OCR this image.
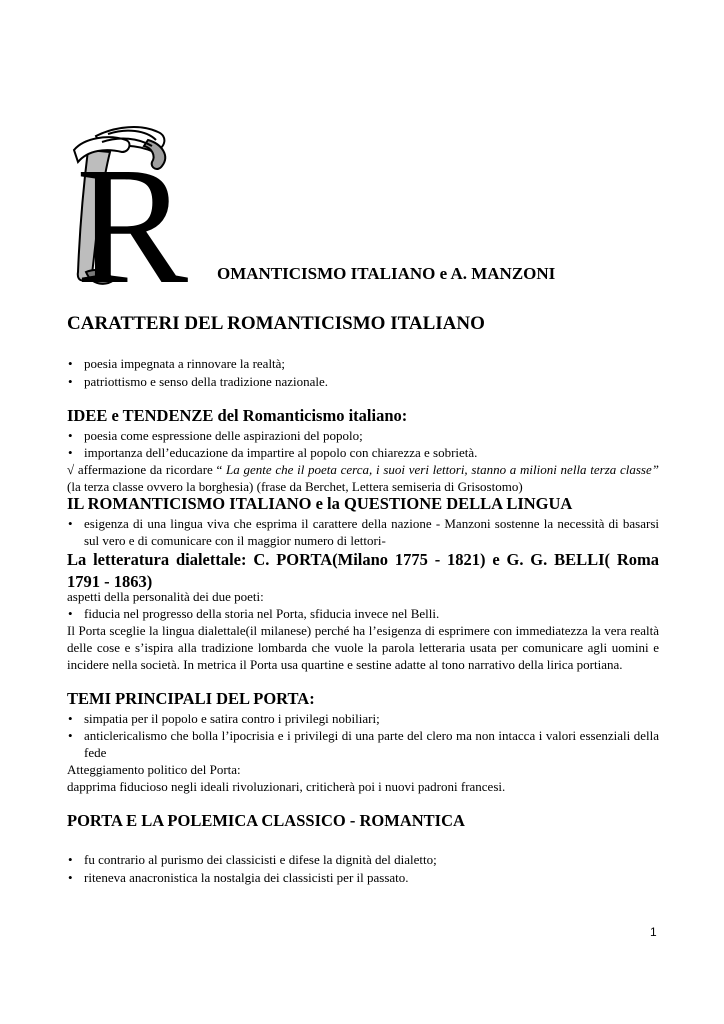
R OMANTICISMO ITALIANO e A. MANZONI
CARATTERI DEL ROMANTICISMO ITALIANO
• poesia impegnata a rinnovare la realtà;
• patriottismo e senso della tradizione nazionale.
IDEE e TENDENZE del Romanticismo italiano:
• poesia come espressione delle aspirazioni del popolo;
• importanza dell’educazione da impartire al popolo con chiarezza e sobrietà.
√ affermazione da ricordare “ La gente che il poeta cerca, i suoi veri lettori, stanno a milioni nella terza classe” (la terza classe ovvero la borghesia) (frase da Berchet, Lettera semiseria di Grisostomo)
IL ROMANTICISMO ITALIANO e la QUESTIONE DELLA LINGUA
• esigenza di una lingua viva che esprima il carattere della nazione - Manzoni sostenne la necessità di basarsi sul vero e di comunicare con il maggior numero di lettori-
La letteratura dialettale: C. PORTA(Milano 1775 - 1821) e G. G. BELLI( Roma 1791 - 1863)
aspetti della personalità dei due poeti:
• fiducia nel progresso della storia nel Porta, sfiducia invece nel Belli.
Il Porta sceglie la lingua dialettale(il milanese) perché ha l’esigenza di esprimere con immediatezza la vera realtà delle cose e s’ispira alla tradizione lombarda che vuole la parola letteraria usata per comunicare agli uomini e incidere nella società. In metrica il Porta usa quartine e sestine adatte al tono narrativo della lirica portiana.
TEMI PRINCIPALI DEL PORTA:
• simpatia per il popolo e satira contro i privilegi nobiliari;
• anticlericalismo che bolla l’ipocrisia e i privilegi di una parte del clero ma non intacca i valori essenziali della fede
Atteggiamento politico del Porta:
dapprima fiducioso negli ideali rivoluzionari, criticherà poi i nuovi padroni francesi.
PORTA E LA POLEMICA CLASSICO - ROMANTICA
• fu contrario al purismo dei classicisti e difese la dignità del dialetto;
• riteneva anacronistica la nostalgia dei classicisti per il passato.
1
